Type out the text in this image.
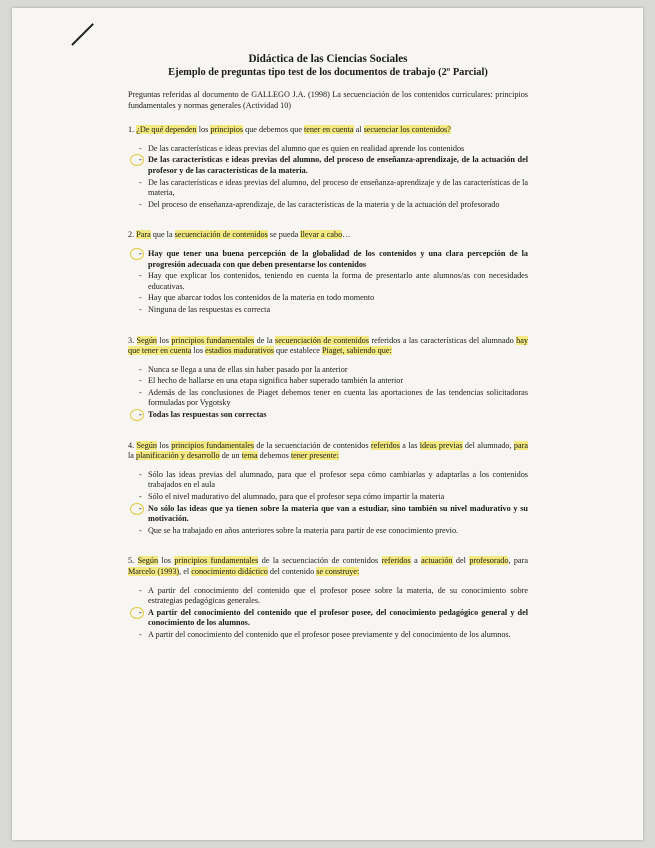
Didáctica de las Ciencias Sociales
Ejemplo de preguntas tipo test de los documentos de trabajo (2º Parcial)
Preguntas referidas al documento de GALLEGO J.A. (1998) La secuenciación de los contenidos curriculares: principios fundamentales y normas generales (Actividad 10)
1. ¿De qué dependen los principios que debemos que tener en cuenta al secuenciar los contenidos?
- De las características e ideas previas del alumno que es quien en realidad aprende los contenidos
- De las características e ideas previas del alumno, del proceso de enseñanza-aprendizaje, de la actuación del profesor y de las características de la materia.
- De las características e ideas previas del alumno, del proceso de enseñanza-aprendizaje y de las características de la materia,
- Del proceso de enseñanza-aprendizaje, de las características de la materia y de la actuación del profesorado
2. Para que la secuenciación de contenidos se pueda llevar a cabo…
- Hay que tener una buena percepción de la globalidad de los contenidos y una clara percepción de la progresión adecuada con que deben presentarse los contenidos
- Hay que explicar los contenidos, teniendo en cuenta la forma de presentarlo ante alumnos/as con necesidades educativas.
- Hay que abarcar todos los contenidos de la materia en todo momento
- Ninguna de las respuestas es correcta
3. Según los principios fundamentales de la secuenciación de contenidos referidos a las características del alumnado hay que tener en cuenta los estadios madurativos que establece Piaget, sabiendo que:
- Nunca se llega a una de ellas sin haber pasado por la anterior
- El hecho de hallarse en una etapa significa haber superado también la anterior
- Además de las conclusiones de Piaget debemos tener en cuenta las aportaciones de las tendencias solicitadoras formuladas por Vygotsky
- Todas las respuestas son correctas
4. Según los principios fundamentales de la secuenciación de contenidos referidos a las ideas previas del alumnado, para la planificación y desarrollo de un tema debemos tener presente:
- Sólo las ideas previas del alumnado, para que el profesor sepa cómo cambiarlas y adaptarlas a los contenidos trabajados en el aula
- Sólo el nivel madurativo del alumnado, para que el profesor sepa cómo impartir la materia
- No sólo las ideas que ya tienen sobre la materia que van a estudiar, sino también su nivel madurativo y su motivación.
- Que se ha trabajado en años anteriores sobre la materia para partir de ese conocimiento previo.
5. Según los principios fundamentales de la secuenciación de contenidos referidos a actuación del profesorado, para Marcelo (1993), el conocimiento didáctico del contenido se construye:
- A partir del conocimiento del contenido que el profesor posee sobre la materia, de su conocimiento sobre estrategias pedagógicas generales.
- A partir del conocimiento del contenido que el profesor posee, del conocimiento pedagógico general y del conocimiento de los alumnos.
- A partir del conocimiento del contenido que el profesor posee previamente y del conocimiento de los alumnos.
